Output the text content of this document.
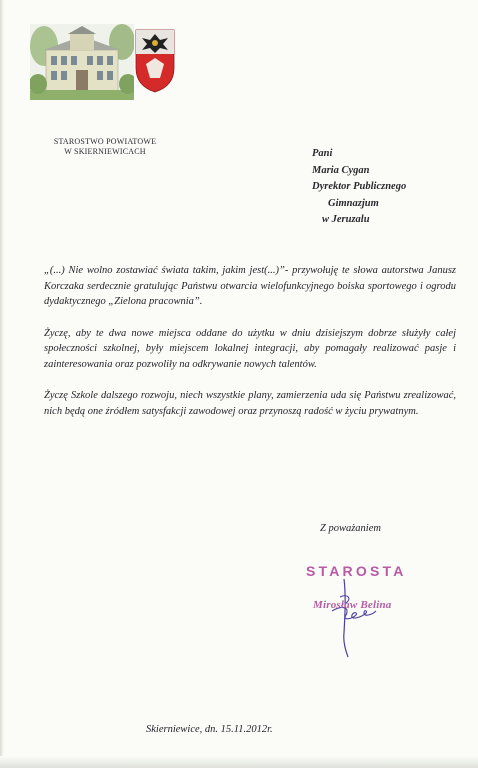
STAROSTWO POWIATOWE
W SKIERNIEWICACH	Pani
Maria Cygan
Dyrektor Publicznego
Gimnazjum
w Jeruzalu

„(...) Nie wolno zostawiać świata takim, jakim jest(...)”- przywołuję te słowa autorstwa Janusz Korczaka serdecznie gratulując Państwu otwarcia wielofunkcyjnego boiska sportowego i ogrodu dydaktycznego „Zielona pracownia”.

Życzę, aby te dwa nowe miejsca oddane do użytku w dniu dzisiejszym dobrze służyły całej społeczności szkolnej, były miejscem lokalnej integracji, aby pomagały realizować pasje i zainteresowania oraz pozwoliły na odkrywanie nowych talentów.

Życzę Szkole dalszego rozwoju, niech wszystkie plany, zamierzenia uda się Państwu zrealizować, nich będą one źródłem satysfakcji zawodowej oraz przynoszą radość w życiu prywatnym.

Z poważaniem
STAROSTA
Mirosław Belina
Skierniewice, dn. 15.11.2012r.
